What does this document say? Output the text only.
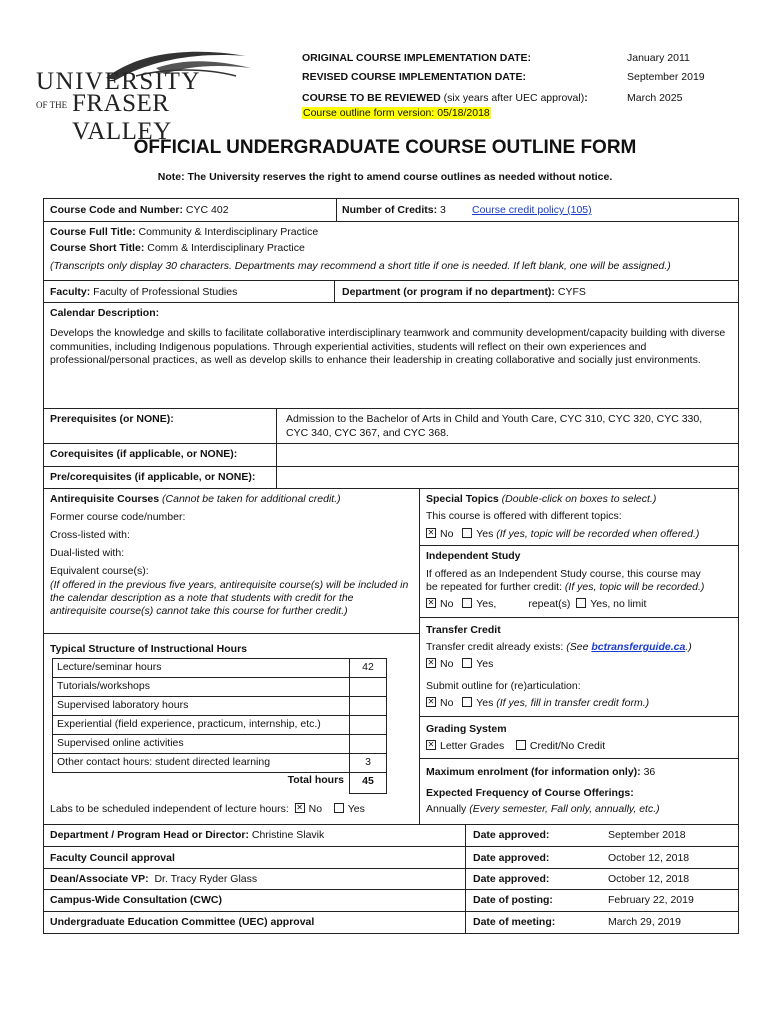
UNIVERSITY
OF THE FRASER VALLEY
ORIGINAL COURSE IMPLEMENTATION DATE:	January 2011
REVISED COURSE IMPLEMENTATION DATE:	September 2019
COURSE TO BE REVIEWED (six years after UEC approval):	March 2025
Course outline form version: 05/18/2018
OFFICIAL UNDERGRADUATE COURSE OUTLINE FORM
Note: The University reserves the right to amend course outlines as needed without notice.
Course Code and Number: CYC 402	Number of Credits: 3 Course credit policy (105)
Course Full Title: Community & Interdisciplinary Practice
Course Short Title: Comm & Interdisciplinary Practice
(Transcripts only display 30 characters. Departments may recommend a short title if one is needed. If left blank, one will be assigned.)
Faculty: Faculty of Professional Studies	Department (or program if no department): CYFS
Calendar Description:
Develops the knowledge and skills to facilitate collaborative interdisciplinary teamwork and community development/capacity building with diverse communities, including Indigenous populations. Through experiential activities, students will reflect on their own experiences and professional/personal practices, as well as develop skills to enhance their leadership in creating collaborative and socially just environments.
Prerequisites (or NONE):	Admission to the Bachelor of Arts in Child and Youth Care, CYC 310, CYC 320, CYC 330, CYC 340, CYC 367, and CYC 368.
Corequisites (if applicable, or NONE):
Pre/corequisites (if applicable, or NONE):
Antirequisite Courses (Cannot be taken for additional credit.)
Former course code/number:
Cross-listed with:
Dual-listed with:
Equivalent course(s):
(If offered in the previous five years, antirequisite course(s) will be included in the calendar description as a note that students with credit for the antirequisite course(s) cannot take this course for further credit.)
Special Topics (Double-click on boxes to select.)
This course is offered with different topics:
✕No Yes (If yes, topic will be recorded when offered.)
Independent Study
If offered as an Independent Study course, this course may
be repeated for further credit: (If yes, topic will be recorded.)
✕No Yes,	repeat(s) Yes, no limit
Transfer Credit
Transfer credit already exists: (See bctransferguide.ca.)
✕No Yes
Submit outline for (re)articulation:
✕No Yes (If yes, fill in transfer credit form.)
Grading System
✕Letter Grades Credit/No Credit
Maximum enrolment (for information only): 36
Expected Frequency of Course Offerings:
Annually (Every semester, Fall only, annually, etc.)
Typical Structure of Instructional Hours
Lecture/seminar hours	42
Tutorials/workshops
Supervised laboratory hours
Experiential (field experience, practicum, internship, etc.)
Supervised online activities
Other contact hours: student directed learning	3
Total hours	45
Labs to be scheduled independent of lecture hours: ✕ No Yes
Department / Program Head or Director: Christine Slavik	Date approved:	September 2018
Faculty Council approval	Date approved:	October 12, 2018
Dean/Associate VP:  Dr. Tracy Ryder Glass	Date approved:	October 12, 2018
Campus-Wide Consultation (CWC)	Date of posting:	February 22, 2019
Undergraduate Education Committee (UEC) approval	Date of meeting:	March 29, 2019
